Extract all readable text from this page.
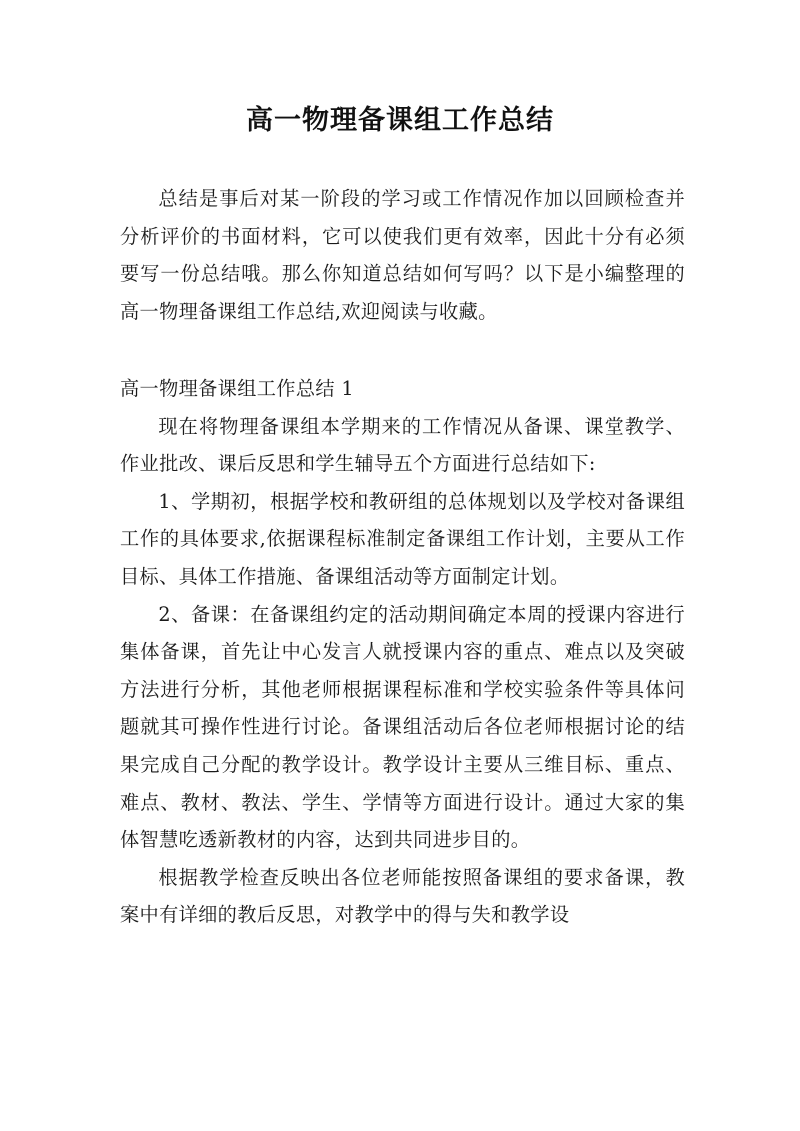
高一物理备课组工作总结

总结是事后对某一阶段的学习或工作情况作加以回顾检查并分析评价的书面材料，它可以使我们更有效率，因此十分有必须要写一份总结哦。那么你知道总结如何写吗？以下是小编整理的高一物理备课组工作总结,欢迎阅读与收藏。

高一物理备课组工作总结 1

现在将物理备课组本学期来的工作情况从备课、课堂教学、作业批改、课后反思和学生辅导五个方面进行总结如下:

1、学期初，根据学校和教研组的总体规划以及学校对备课组工作的具体要求,依据课程标准制定备课组工作计划，主要从工作目标、具体工作措施、备课组活动等方面制定计划。

2、备课：在备课组约定的活动期间确定本周的授课内容进行集体备课，首先让中心发言人就授课内容的重点、难点以及突破方法进行分析，其他老师根据课程标准和学校实验条件等具体问题就其可操作性进行讨论。备课组活动后各位老师根据讨论的结果完成自己分配的教学设计。教学设计主要从三维目标、重点、难点、教材、教法、学生、学情等方面进行设计。通过大家的集体智慧吃透新教材的内容，达到共同进步目的。

根据教学检查反映出各位老师能按照备课组的要求备课，教案中有详细的教后反思，对教学中的得与失和教学设
